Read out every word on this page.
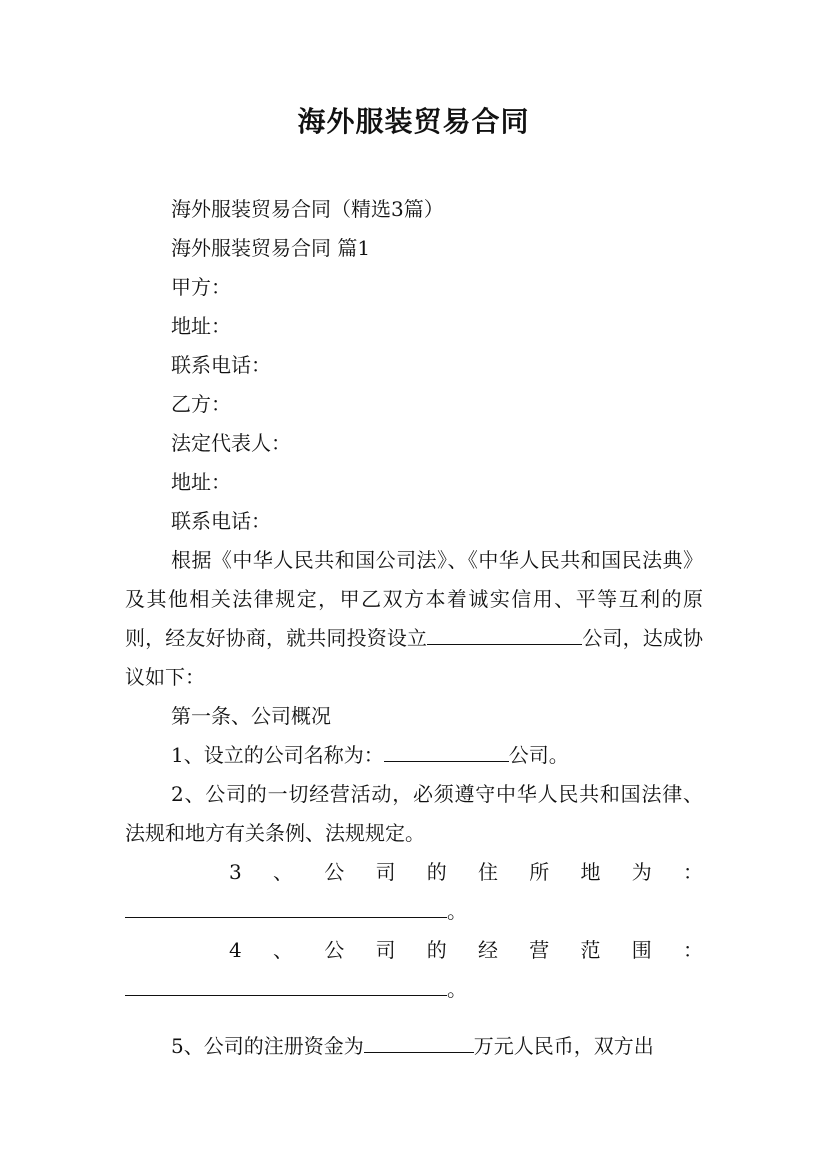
海外服装贸易合同

海外服装贸易合同（精选3篇）

海外服装贸易合同 篇1

甲方：

地址：

联系电话：

乙方：

法定代表人：

地址：

联系电话：

根据《中华人民共和国公司法》、《中华人民共和国民法典》及其他相关法律规定，甲乙双方本着诚实信用、平等互利的原则，经友好协商，就共同投资设立	公司，达成协议如下：

第一条、公司概况

1、设立的公司名称为：	公司。

2、公司的一切经营活动，必须遵守中华人民共和国法律、法规和地方有关条例、法规规定。

3 、 公 司 的 住 所 地 为 ：

。

4 、 公 司 的 经 营 范 围 ：

。

5、公司的注册资金为	万元人民币，双方出
